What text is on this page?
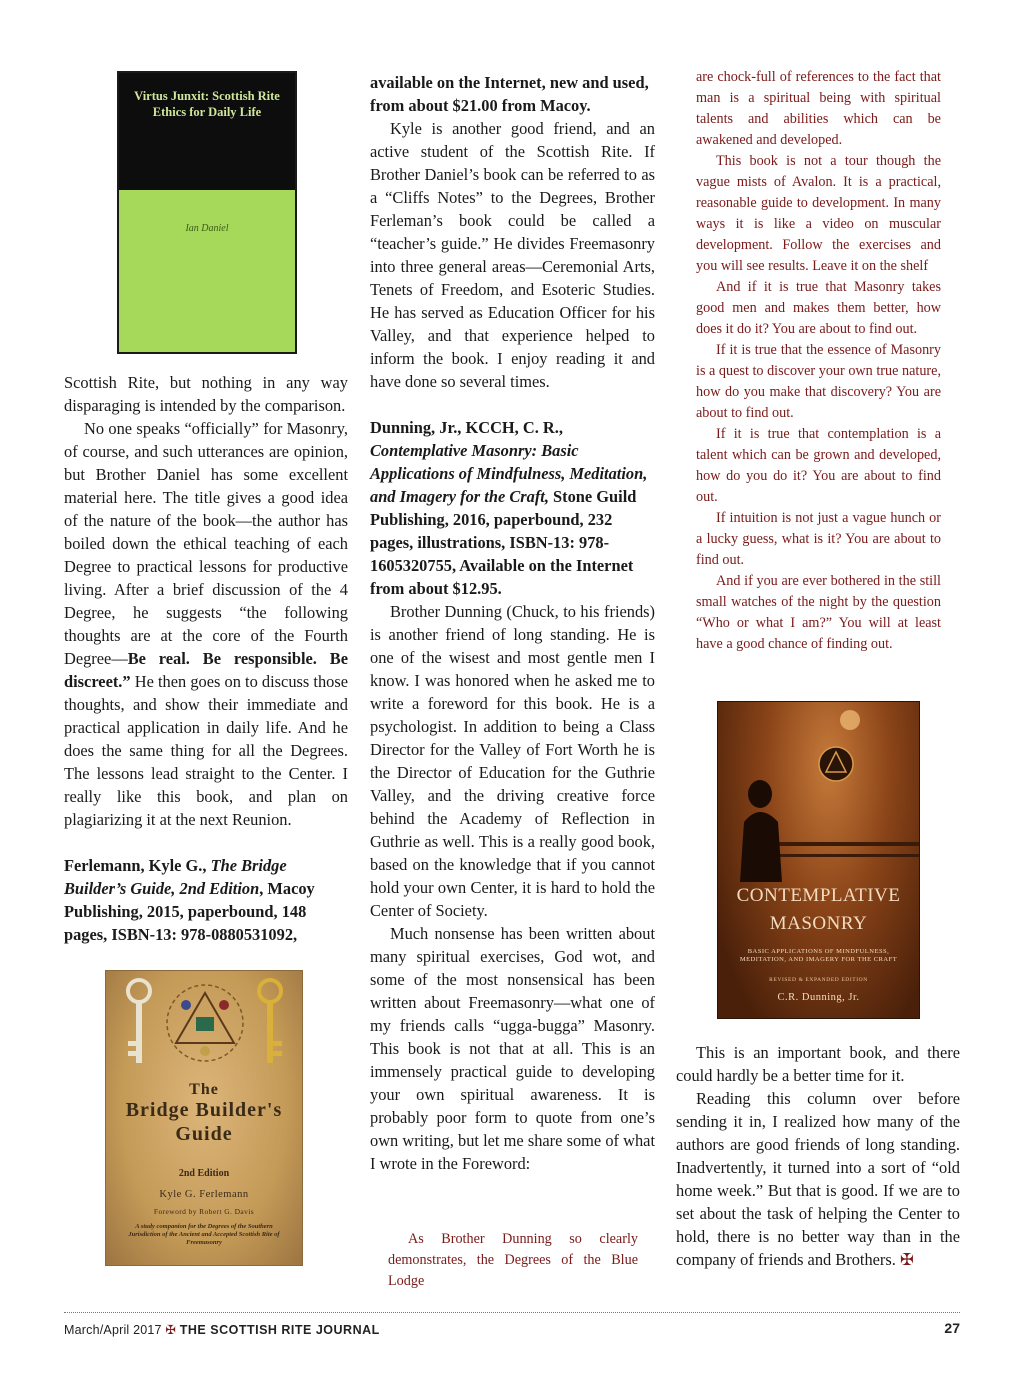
Virtus Junxit: Scottish Rite Ethics for Daily Life
Ian Daniel

Scottish Rite, but nothing in any way disparaging is intended by the comparison.

No one speaks “officially” for Masonry, of course, and such utterances are opinion, but Brother Daniel has some excellent material here. The title gives a good idea of the nature of the book—the author has boiled down the ethical teaching of each Degree to practical lessons for productive living. After a brief discussion of the 4 Degree, he suggests “the following thoughts are at the core of the Fourth Degree—Be real. Be responsible. Be discreet.” He then goes on to discuss those thoughts, and show their immediate and practical application in daily life. And he does the same thing for all the Degrees. The lessons lead straight to the Center. I really like this book, and plan on plagiarizing it at the next Reunion.

Ferlemann, Kyle G., The Bridge Builder’s Guide, 2nd Edition, Macoy Publishing, 2015, paperbound, 148 pages, ISBN-13: 978-0880531092,

The
Bridge Builder's Guide
2nd Edition
Kyle G. Ferlemann
Foreword by Robert G. Davis
A study companion for the Degrees of the Southern Jurisdiction of the Ancient and Accepted Scottish Rite of Freemasonry

available on the Internet, new and used, from about $21.00 from Macoy.

Kyle is another good friend, and an active student of the Scottish Rite. If Brother Daniel’s book can be referred to as a “Cliffs Notes” to the Degrees, Brother Ferleman’s book could be called a “teacher’s guide.” He divides Freemasonry into three general areas—Ceremonial Arts, Tenets of Freedom, and Esoteric Studies. He has served as Education Officer for his Valley, and that experience helped to inform the book. I enjoy reading it and have done so several times.

Dunning, Jr., KCCH, C. R., Contemplative Masonry: Basic Applications of Mindfulness, Meditation, and Imagery for the Craft, Stone Guild Publishing, 2016, paperbound, 232 pages, illustrations, ISBN-13: 978-1605320755, Available on the Internet from about $12.95.

Brother Dunning (Chuck, to his friends) is another friend of long standing. He is one of the wisest and most gentle men I know. I was honored when he asked me to write a foreword for this book. He is a psychologist. In addition to being a Class Director for the Valley of Fort Worth he is the Director of Education for the Guthrie Valley, and the driving creative force behind the Academy of Reflection in Guthrie as well. This is a really good book, based on the knowledge that if you cannot hold your own Center, it is hard to hold the Center of Society.

Much nonsense has been written about many spiritual exercises, God wot, and some of the most nonsensical has been written about Freemasonry—what one of my friends calls “ugga-bugga” Masonry. This book is not that at all. This is an immensely practical guide to developing your own spiritual awareness. It is probably poor form to quote from one’s own writing, but let me share some of what I wrote in the Foreword:

As Brother Dunning so clearly demonstrates, the Degrees of the Blue Lodge

are chock-full of references to the fact that man is a spiritual being with spiritual talents and abilities which can be awakened and developed.

This book is not a tour though the vague mists of Avalon. It is a practical, reasonable guide to development. In many ways it is like a video on muscular development. Follow the exercises and you will see results. Leave it on the shelf

And if it is true that Masonry takes good men and makes them better, how does it do it? You are about to find out.

If it is true that the essence of Masonry is a quest to discover your own true nature, how do you make that discovery? You are about to find out.

If it is true that contemplation is a talent which can be grown and developed, how do you do it? You are about to find out.

If intuition is not just a vague hunch or a lucky guess, what is it? You are about to find out.

And if you are ever bothered in the still small watches of the night by the question “Who or what I am?” You will at least have a good chance of finding out.

CONTEMPLATIVE
MASONRY
BASIC APPLICATIONS OF MINDFULNESS, MEDITATION, AND IMAGERY FOR THE CRAFT
REVISED & EXPANDED EDITION
C.R. Dunning, Jr.

This is an important book, and there could hardly be a better time for it.

Reading this column over before sending it in, I realized how many of the authors are good friends of long standing. Inadvertently, it turned into a sort of “old home week.” But that is good. If we are to set about the task of helping the Center to hold, there is no better way than in the company of friends and Brothers. ✠

March/April 2017 ✠ THE SCOTTISH RITE JOURNAL	27
